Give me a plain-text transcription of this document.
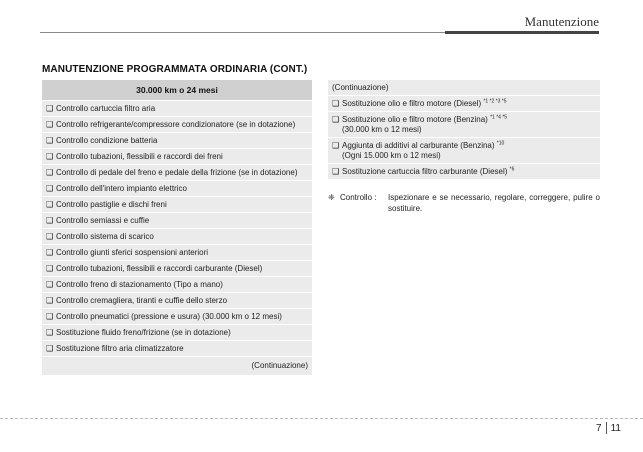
Manutenzione
MANUTENZIONE PROGRAMMATA ORDINARIA (CONT.)
30.000 km o 24 mesi
❑ Controllo cartuccia filtro aria
❑ Controllo refrigerante/compressore condizionatore (se in dotazione)
❑ Controllo condizione batteria
❑ Controllo tubazioni, flessibili e raccordi dei freni
❑ Controllo di pedale del freno e pedale della frizione (se in dotazione)
❑ Controllo dell'intero impianto elettrico
❑ Controllo pastiglie e dischi freni
❑ Controllo semiassi e cuffie
❑ Controllo sistema di scarico
❑ Controllo giunti sferici sospensioni anteriori
❑ Controllo tubazioni, flessibili e raccordi carburante (Diesel)
❑ Controllo freno di stazionamento (Tipo a mano)
❑ Controllo cremagliera, tiranti e cuffie dello sterzo
❑ Controllo pneumatici (pressione e usura) (30.000 km o 12 mesi)
❑ Sostituzione fluido freno/frizione (se in dotazione)
❑ Sostituzione filtro aria climatizzatore
(Continuazione)
(Continuazione)
❑ Sostituzione olio e filtro motore (Diesel) $^{*1 *2 *3 *5}$
❑ Sostituzione olio e filtro motore (Benzina) $^{*1 *4 *5}$
(30.000 km o 12 mesi)
❑ Aggiunta di additivi al carburante (Benzina) $^{*10}$
(Ogni 15.000 km o 12 mesi)
❑ Sostituzione cartuccia filtro carburante (Diesel) $^{*6}$
❈ Controllo :	Ispezionare e se necessario, regolare, correggere, pulire o sostituire.
7 11
